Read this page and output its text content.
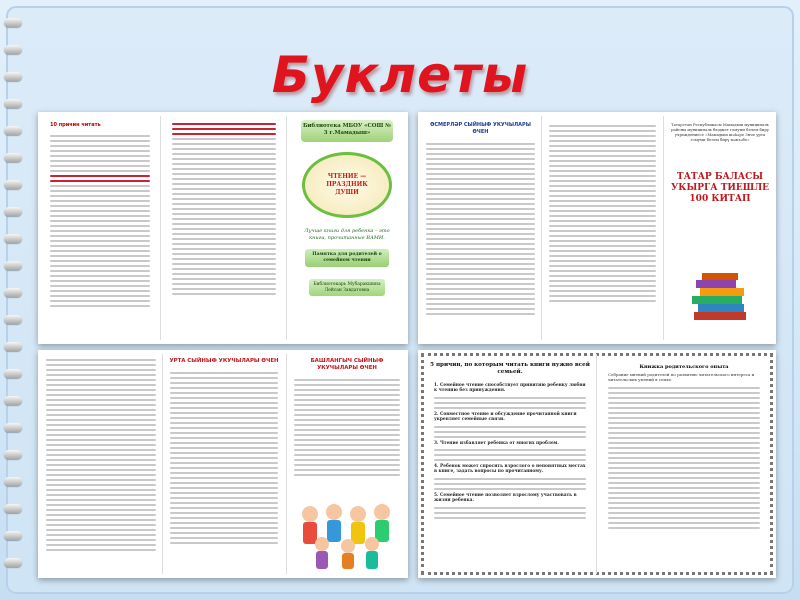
Буклеты
10 причин читать	Библиотека МБОУ «СОШ № 3 г.Мамадыш»
ЧТЕНИЕ — ПРАЗДНИК ДУШИ
Лучше книги для ребенка – это книги, прочитанные ВАМИ.
Памятка для родителей о семейном чтении
Библиотекарь Мубаракшина Лейсан Завдатовна
ӨСМЕРЛӘР СЫЙНЫФ УКУЧЫЛАРЫ ӨЧЕН
Татарстан Республикасы Мамадыш муниципаль районы муниципаль бюджет гомуми белем бирү учреждениесе «Мамадыш шәһәре 3нче урта гомуми белем бирү мәктәбе»
ТАТАР БАЛАСЫ УКЫРГА ТИЕШЛЕ 100 КИТАП
УРТА СЫЙНЫФ УКУЧЫЛАРЫ ӨЧЕН	БАШЛАНГЫЧ СЫЙНЫФ УКУЧЫЛАРЫ ӨЧЕН	5 причин, по которым читать книги нужно всей семьей.
1. Семейное чтение способствует привитию ребенку любви к чтению без принуждения.
2. Совместное чтение и обсуждение прочитанной книги укрепляет семейные связи.
3. Чтение избавляет ребенка от многих проблем.
4. Ребенок может спросить взрослого о непонятных местах в книге, задать вопросы по прочитанному.
5. Семейное чтение позволяет взрослому участвовать в жизни ребенка.
Книжка родительского опыта
Собрание мнений родителей по развитию читательского интереса и читательских умений в семье.
